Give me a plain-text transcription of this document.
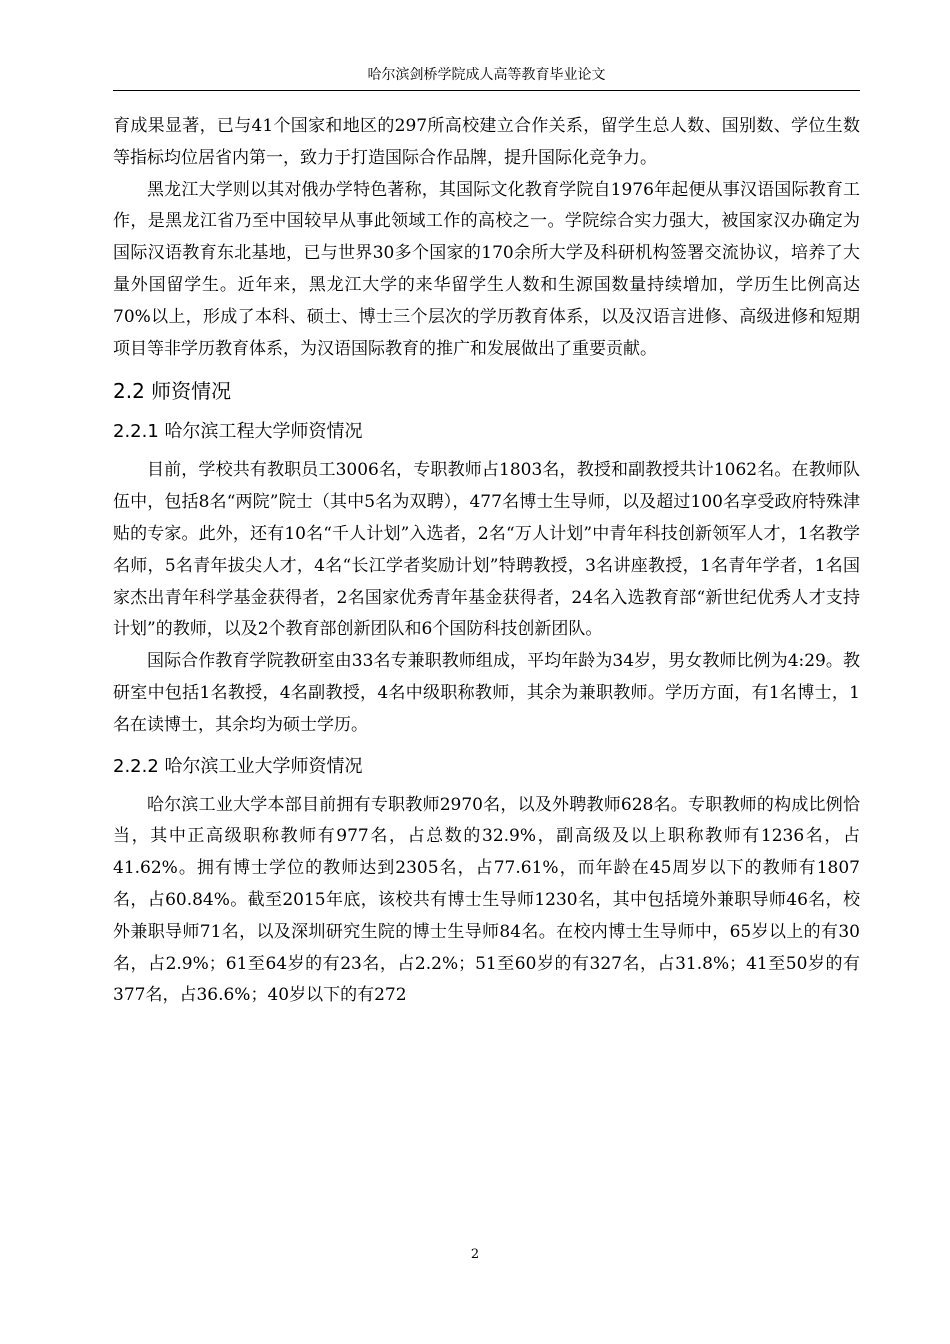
哈尔滨剑桥学院成人高等教育毕业论文

育成果显著，已与41个国家和地区的297所高校建立合作关系，留学生总人数、国别数、学位生数等指标均位居省内第一，致力于打造国际合作品牌，提升国际化竞争力。

黑龙江大学则以其对俄办学特色著称，其国际文化教育学院自1976年起便从事汉语国际教育工作，是黑龙江省乃至中国较早从事此领域工作的高校之一。学院综合实力强大，被国家汉办确定为国际汉语教育东北基地，已与世界30多个国家的170余所大学及科研机构签署交流协议，培养了大量外国留学生。近年来，黑龙江大学的来华留学生人数和生源国数量持续增加，学历生比例高达70%以上，形成了本科、硕士、博士三个层次的学历教育体系，以及汉语言进修、高级进修和短期项目等非学历教育体系，为汉语国际教育的推广和发展做出了重要贡献。

2.2 师资情况
2.2.1 哈尔滨工程大学师资情况

目前，学校共有教职员工3006名，专职教师占1803名，教授和副教授共计1062名。在教师队伍中，包括8名“两院”院士（其中5名为双聘），477名博士生导师，以及超过100名享受政府特殊津贴的专家。此外，还有10名“千人计划”入选者，2名“万人计划”中青年科技创新领军人才，1名教学名师，5名青年拔尖人才，4名“长江学者奖励计划”特聘教授，3名讲座教授，1名青年学者，1名国家杰出青年科学基金获得者，2名国家优秀青年基金获得者，24名入选教育部“新世纪优秀人才支持计划”的教师，以及2个教育部创新团队和6个国防科技创新团队。

国际合作教育学院教研室由33名专兼职教师组成，平均年龄为34岁，男女教师比例为4:29。教研室中包括1名教授，4名副教授，4名中级职称教师，其余为兼职教师。学历方面，有1名博士，1名在读博士，其余均为硕士学历。

2.2.2 哈尔滨工业大学师资情况

哈尔滨工业大学本部目前拥有专职教师2970名，以及外聘教师628名。专职教师的构成比例恰当，其中正高级职称教师有977名，占总数的32.9%，副高级及以上职称教师有1236名，占41.62%。拥有博士学位的教师达到2305名，占77.61%，而年龄在45周岁以下的教师有1807名，占60.84%。截至2015年底，该校共有博士生导师1230名，其中包括境外兼职导师46名，校外兼职导师71名，以及深圳研究生院的博士生导师84名。在校内博士生导师中，65岁以上的有30名，占2.9%；61至64岁的有23名，占2.2%；51至60岁的有327名，占31.8%；41至50岁的有377名，占36.6%；40岁以下的有272

2
